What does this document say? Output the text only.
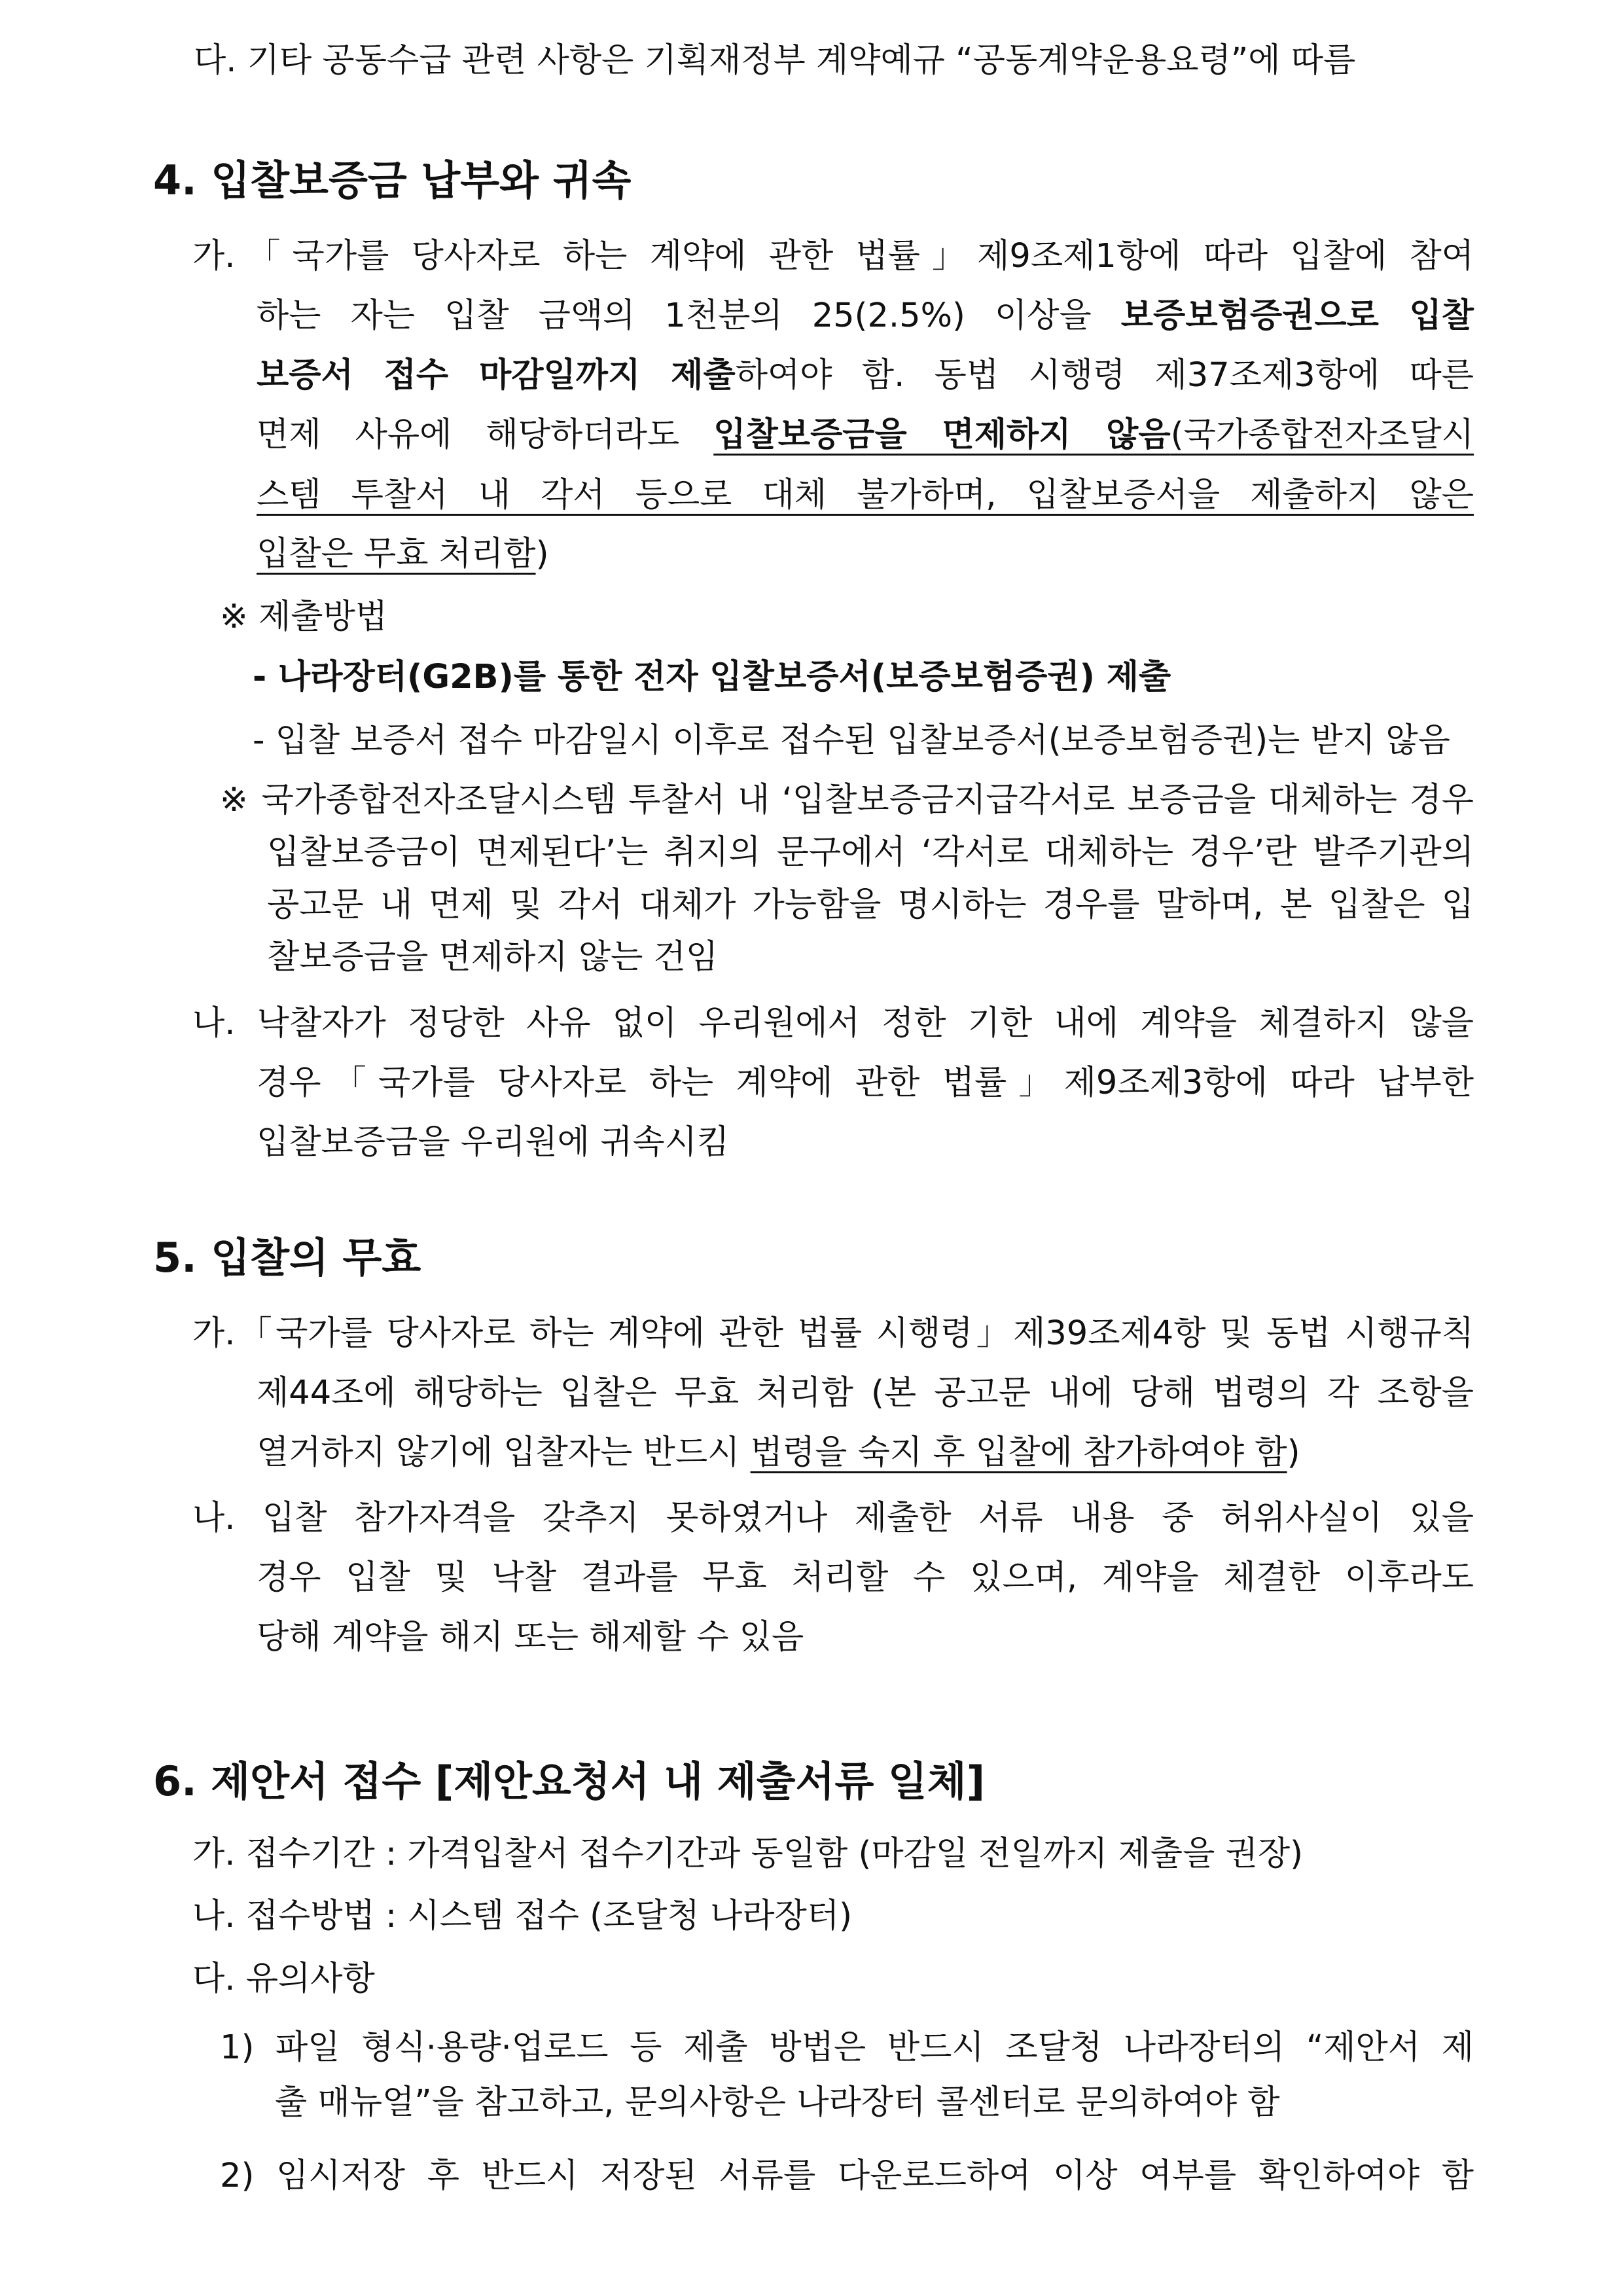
다. 기타 공동수급 관련 사항은 기획재정부 계약예규 “공동계약운용요령”에 따름
4. 입찰보증금 납부와 귀속
가.「국가를 당사자로 하는 계약에 관한 법률」제9조제1항에 따라 입찰에 참여
하는 자는 입찰 금액의 1천분의 25(2.5%) 이상을 보증보험증권으로 입찰
보증서 접수 마감일까지 제출하여야 함. 동법 시행령 제37조제3항에 따른
면제 사유에 해당하더라도 입찰보증금을 면제하지 않음(국가종합전자조달시
스템 투찰서 내 각서 등으로 대체 불가하며, 입찰보증서을 제출하지 않은
입찰은 무효 처리함)
※ 제출방법
- 나라장터(G2B)를 통한 전자 입찰보증서(보증보험증권) 제출
- 입찰 보증서 접수 마감일시 이후로 접수된 입찰보증서(보증보험증권)는 받지 않음
※ 국가종합전자조달시스템 투찰서 내 ‘입찰보증금지급각서로 보증금을 대체하는 경우
입찰보증금이 면제된다’는 취지의 문구에서 ‘각서로 대체하는 경우’란 발주기관의
공고문 내 면제 및 각서 대체가 가능함을 명시하는 경우를 말하며, 본 입찰은 입
찰보증금을 면제하지 않는 건임
나. 낙찰자가 정당한 사유 없이 우리원에서 정한 기한 내에 계약을 체결하지 않을
경우「국가를 당사자로 하는 계약에 관한 법률」제9조제3항에 따라 납부한
입찰보증금을 우리원에 귀속시킴
5. 입찰의 무효
가.「국가를 당사자로 하는 계약에 관한 법률 시행령」제39조제4항 및 동법 시행규칙
제44조에 해당하는 입찰은 무효 처리함 (본 공고문 내에 당해 법령의 각 조항을
열거하지 않기에 입찰자는 반드시 법령을 숙지 후 입찰에 참가하여야 함)
나. 입찰 참가자격을 갖추지 못하였거나 제출한 서류 내용 중 허위사실이 있을
경우 입찰 및 낙찰 결과를 무효 처리할 수 있으며, 계약을 체결한 이후라도
당해 계약을 해지 또는 해제할 수 있음
6. 제안서 접수 [제안요청서 내 제출서류 일체]
가. 접수기간 : 가격입찰서 접수기간과 동일함 (마감일 전일까지 제출을 권장)
나. 접수방법 : 시스템 접수 (조달청 나라장터)
다. 유의사항
1) 파일 형식·용량·업로드 등 제출 방법은 반드시 조달청 나라장터의 “제안서 제
출 매뉴얼”을 참고하고, 문의사항은 나라장터 콜센터로 문의하여야 함
2) 임시저장 후 반드시 저장된 서류를 다운로드하여 이상 여부를 확인하여야 함
